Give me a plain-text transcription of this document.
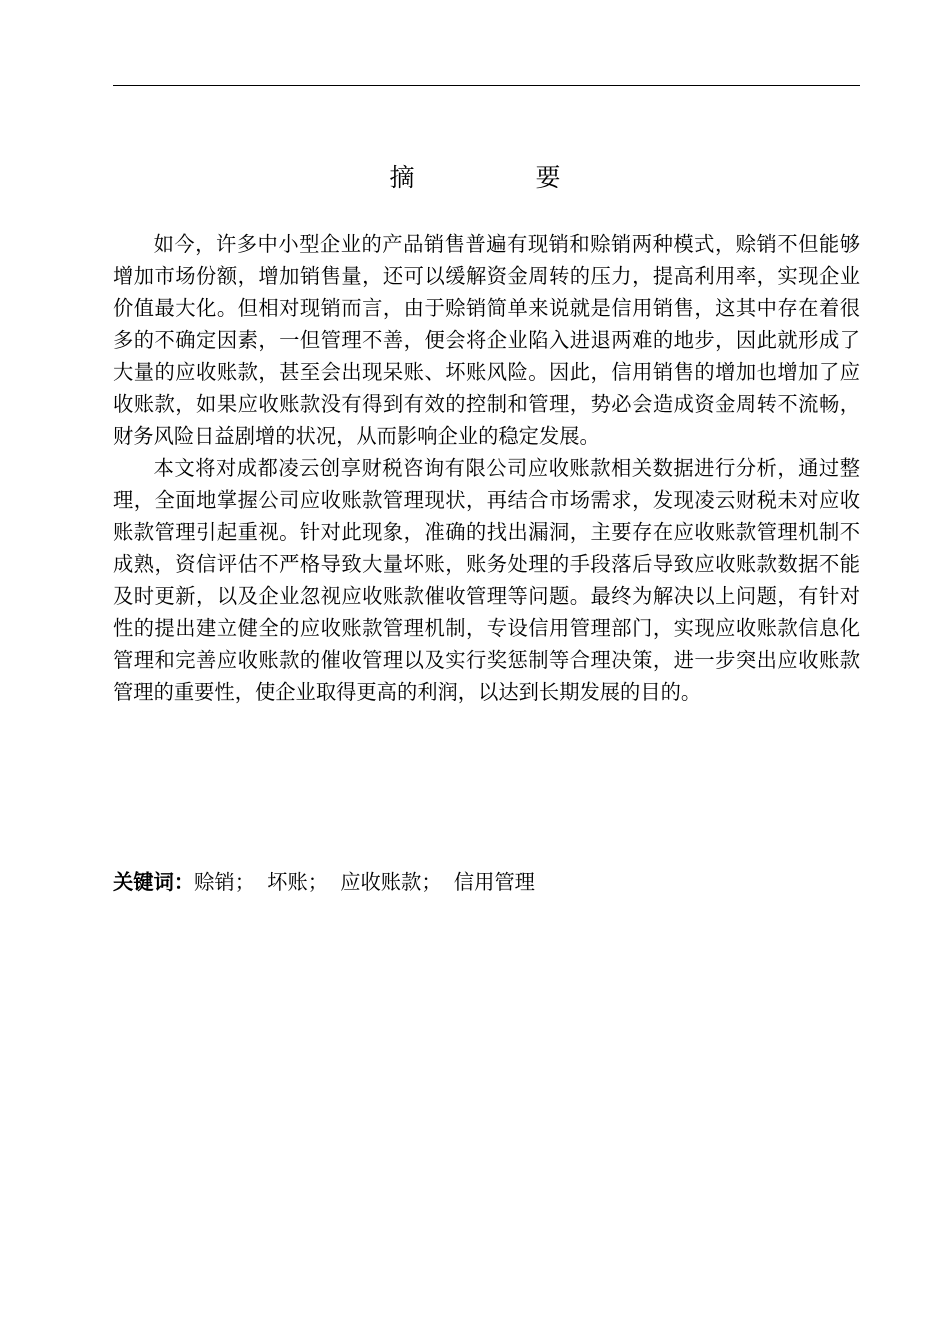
摘　要

如今，许多中小型企业的产品销售普遍有现销和赊销两种模式，赊销不但能够增加市场份额，增加销售量，还可以缓解资金周转的压力，提高利用率，实现企业价值最大化。但相对现销而言，由于赊销简单来说就是信用销售，这其中存在着很多的不确定因素，一但管理不善，便会将企业陷入进退两难的地步，因此就形成了大量的应收账款，甚至会出现呆账、坏账风险。因此，信用销售的增加也增加了应收账款，如果应收账款没有得到有效的控制和管理，势必会造成资金周转不流畅，财务风险日益剧增的状况，从而影响企业的稳定发展。

本文将对成都凌云创享财税咨询有限公司应收账款相关数据进行分析，通过整理，全面地掌握公司应收账款管理现状，再结合市场需求，发现凌云财税未对应收账款管理引起重视。针对此现象，准确的找出漏洞，主要存在应收账款管理机制不成熟，资信评估不严格导致大量坏账，账务处理的手段落后导致应收账款数据不能及时更新，以及企业忽视应收账款催收管理等问题。最终为解决以上问题，有针对性的提出建立健全的应收账款管理机制，专设信用管理部门，实现应收账款信息化管理和完善应收账款的催收管理以及实行奖惩制等合理决策，进一步突出应收账款管理的重要性，使企业取得更高的利润，以达到长期发展的目的。

关键词：赊销； 坏账； 应收账款； 信用管理
